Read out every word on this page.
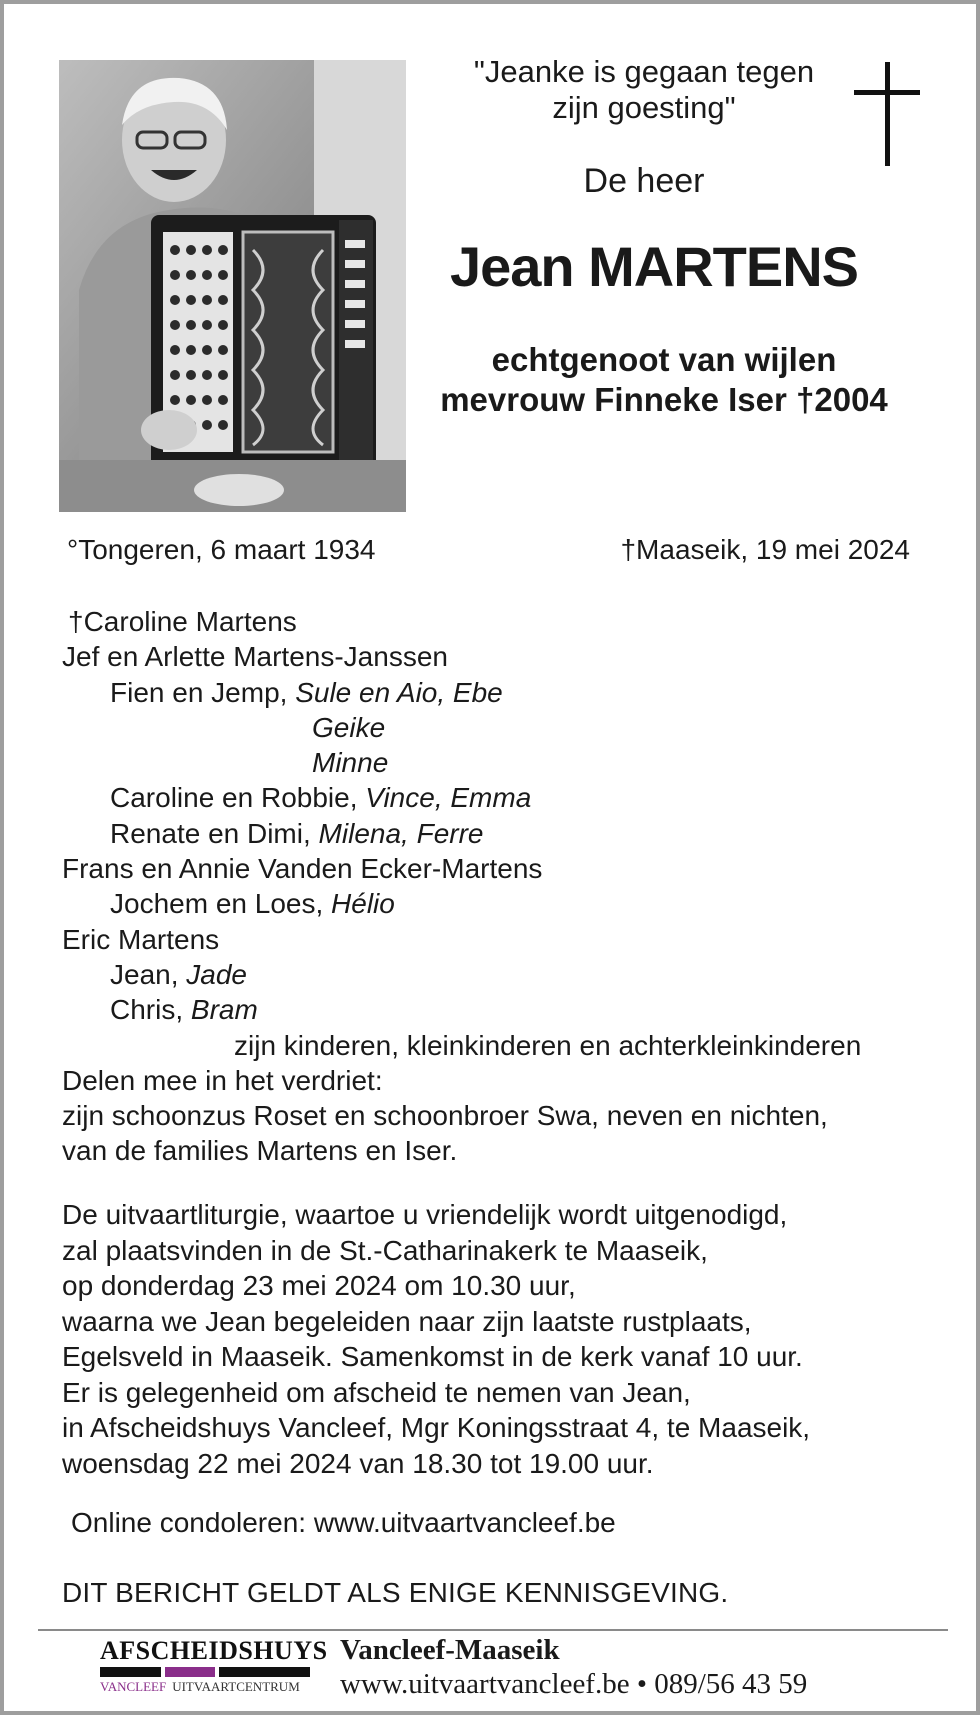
"Jeanke is gegaan tegen
zijn goesting"
De heer
Jean MARTENS
echtgenoot van wijlen
mevrouw Finneke Iser †2004
°Tongeren, 6 maart 1934	†Maaseik, 19 mei 2024
†Caroline Martens
Jef en Arlette Martens-Janssen
Fien en Jemp, Sule en Aio, Ebe
Geike
Minne
Caroline en Robbie, Vince, Emma
Renate en Dimi, Milena, Ferre
Frans en Annie Vanden Ecker-Martens
Jochem en Loes, Hélio
Eric Martens
Jean, Jade
Chris, Bram
zijn kinderen, kleinkinderen en achterkleinkinderen
Delen mee in het verdriet:
zijn schoonzus Roset en schoonbroer Swa, neven en nichten,
van de families Martens en Iser.
De uitvaartliturgie, waartoe u vriendelijk wordt uitgenodigd,
zal plaatsvinden in de St.-Catharinakerk te Maaseik,
op donderdag 23 mei 2024 om 10.30 uur,
waarna we Jean begeleiden naar zijn laatste rustplaats,
Egelsveld in Maaseik. Samenkomst in de kerk vanaf 10 uur.
Er is gelegenheid om afscheid te nemen van Jean,
in Afscheidshuys Vancleef, Mgr Koningsstraat 4, te Maaseik,
woensdag 22 mei 2024 van 18.30 tot 19.00 uur.
Online condoleren: www.uitvaartvancleef.be
DIT BERICHT GELDT ALS ENIGE KENNISGEVING.
AFSCHEIDSHUYS
VANCLEEF UITVAARTCENTRUM
Vancleef-Maaseik
www.uitvaartvancleef.be • 089/56 43 59
